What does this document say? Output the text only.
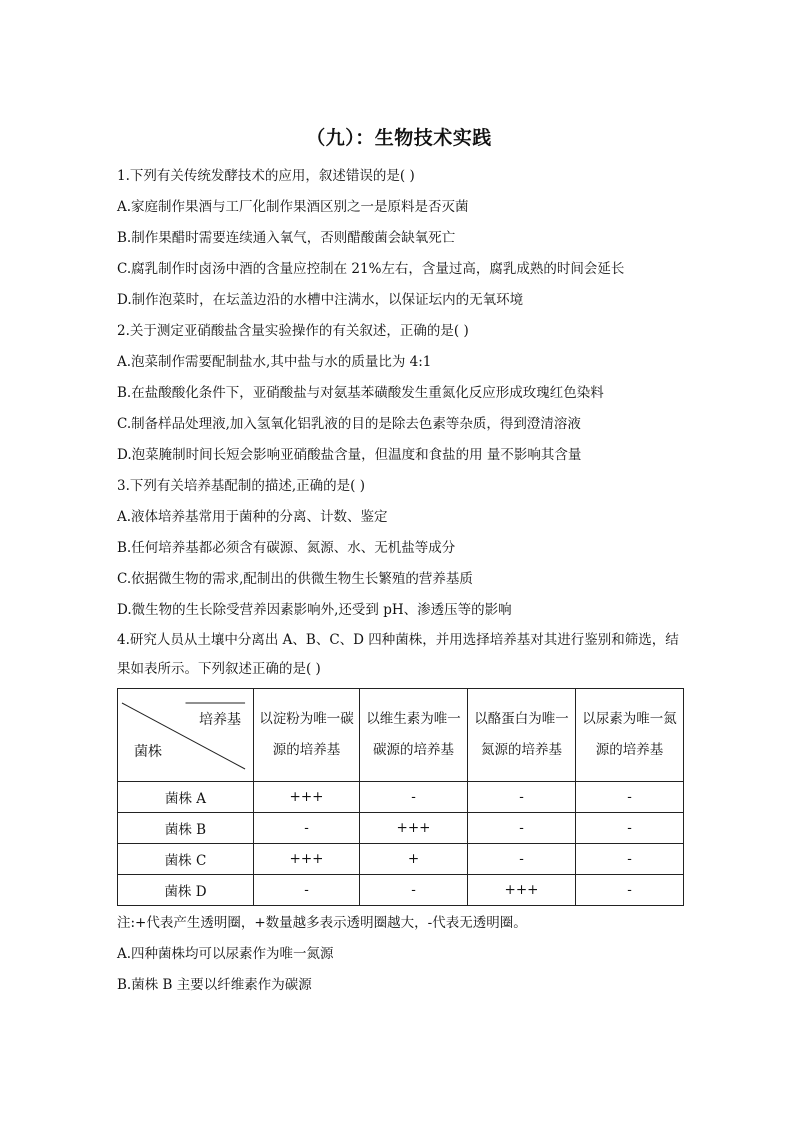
（九）：生物技术实践
1.下列有关传统发酵技术的应用，叙述错误的是( )
A.家庭制作果酒与工厂化制作果酒区别之一是原料是否灭菌
B.制作果醋时需要连续通入氧气，否则醋酸菌会缺氧死亡
C.腐乳制作时卤汤中酒的含量应控制在 21%左右，含量过高，腐乳成熟的时间会延长
D.制作泡菜时，在坛盖边沿的水槽中注满水，以保证坛内的无氧环境
2.关于测定亚硝酸盐含量实验操作的有关叙述，正确的是( )
A.泡菜制作需要配制盐水,其中盐与水的质量比为 4:1
B.在盐酸酸化条件下，亚硝酸盐与对氨基苯磺酸发生重氮化反应形成玫瑰红色染料
C.制备样品处理液,加入氢氧化铝乳液的目的是除去色素等杂质，得到澄清溶液
D.泡菜腌制时间长短会影响亚硝酸盐含量，但温度和食盐的用 量不影响其含量
3.下列有关培养基配制的描述,正确的是( )
A.液体培养基常用于菌种的分离、计数、鉴定
B.任何培养基都必须含有碳源、氮源、水、无机盐等成分
C.依据微生物的需求,配制出的供微生物生长繁殖的营养基质
D.微生物的生长除受营养因素影响外,还受到 pH、渗透压等的影响
4.研究人员从土壤中分离出 A、B、C、D 四种菌株，并用选择培养基对其进行鉴别和筛选，结果如表所示。下列叙述正确的是( )
培养基
菌株	以淀粉为唯一碳源的培养基	以维生素为唯一碳源的培养基	以酪蛋白为唯一氮源的培养基	以尿素为唯一氮源的培养基
菌株 A	+++	-	-	-
菌株 B	-	+++	-	-
菌株 C	+++	+	-	-
菌株 D	-	-	+++	-
注:+代表产生透明圈，+数量越多表示透明圈越大，-代表无透明圈。
A.四种菌株均可以尿素作为唯一氮源
B.菌株 B 主要以纤维素作为碳源
